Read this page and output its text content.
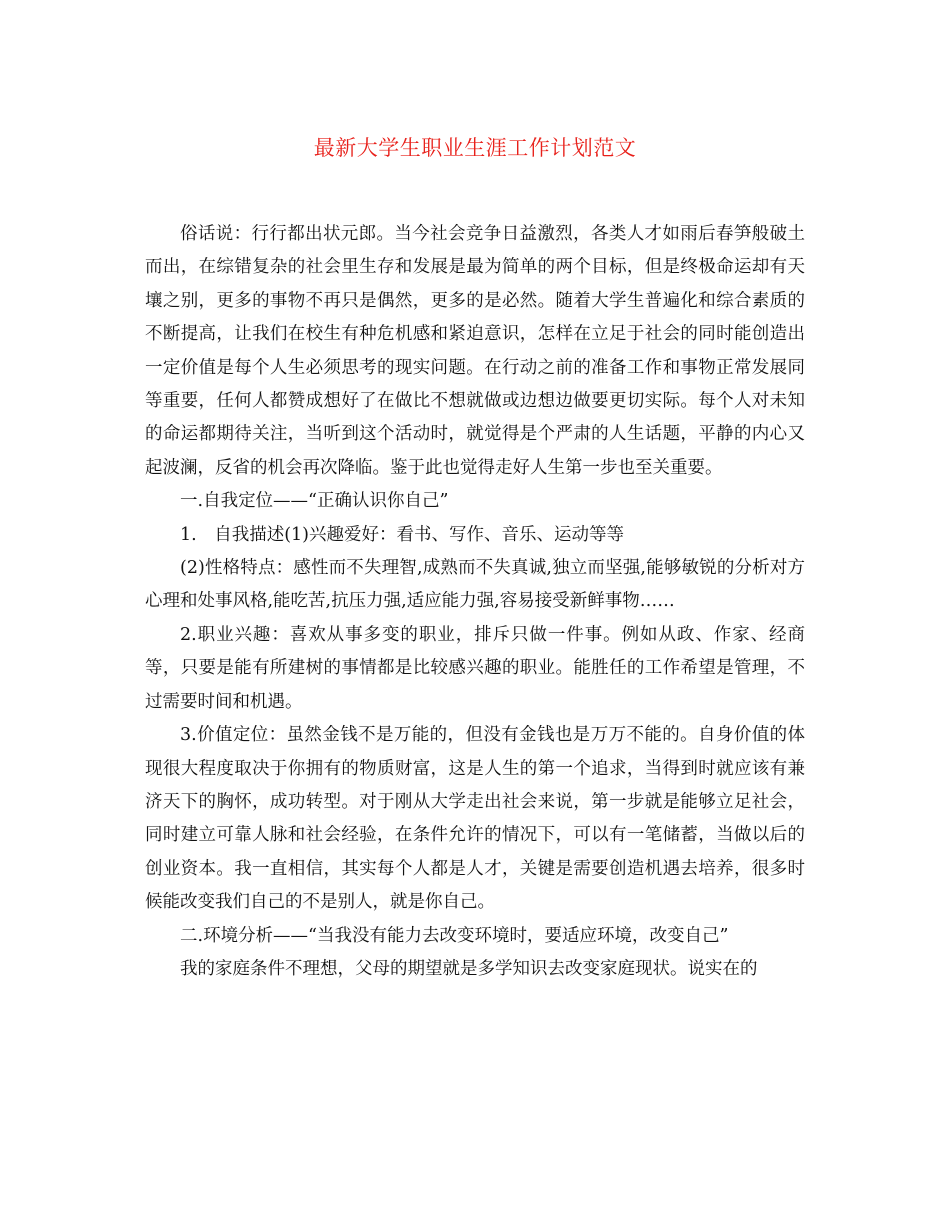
最新大学生职业生涯工作计划范文

俗话说：行行都出状元郎。当今社会竞争日益激烈，各类人才如雨后春笋般破土而出，在综错复杂的社会里生存和发展是最为简单的两个目标，但是终极命运却有天壤之别，更多的事物不再只是偶然，更多的是必然。随着大学生普遍化和综合素质的不断提高，让我们在校生有种危机感和紧迫意识，怎样在立足于社会的同时能创造出一定价值是每个人生必须思考的现实问题。在行动之前的准备工作和事物正常发展同等重要，任何人都赞成想好了在做比不想就做或边想边做要更切实际。每个人对未知的命运都期待关注，当听到这个活动时，就觉得是个严肃的人生话题，平静的内心又起波澜，反省的机会再次降临。鉴于此也觉得走好人生第一步也至关重要。

一.自我定位——“正确认识你自己”

1.　自我描述(1)兴趣爱好：看书、写作、音乐、运动等等

(2)性格特点：感性而不失理智,成熟而不失真诚,独立而坚强,能够敏锐的分析对方心理和处事风格,能吃苦,抗压力强,适应能力强,容易接受新鲜事物……

2.职业兴趣：喜欢从事多变的职业，排斥只做一件事。例如从政、作家、经商等，只要是能有所建树的事情都是比较感兴趣的职业。能胜任的工作希望是管理，不过需要时间和机遇。

3.价值定位：虽然金钱不是万能的，但没有金钱也是万万不能的。自身价值的体现很大程度取决于你拥有的物质财富，这是人生的第一个追求，当得到时就应该有兼济天下的胸怀，成功转型。对于刚从大学走出社会来说，第一步就是能够立足社会，同时建立可靠人脉和社会经验，在条件允许的情况下，可以有一笔储蓄，当做以后的创业资本。我一直相信，其实每个人都是人才，关键是需要创造机遇去培养，很多时候能改变我们自己的不是别人，就是你自己。

二.环境分析——“当我没有能力去改变环境时，要适应环境，改变自己”

我的家庭条件不理想，父母的期望就是多学知识去改变家庭现状。说实在的
